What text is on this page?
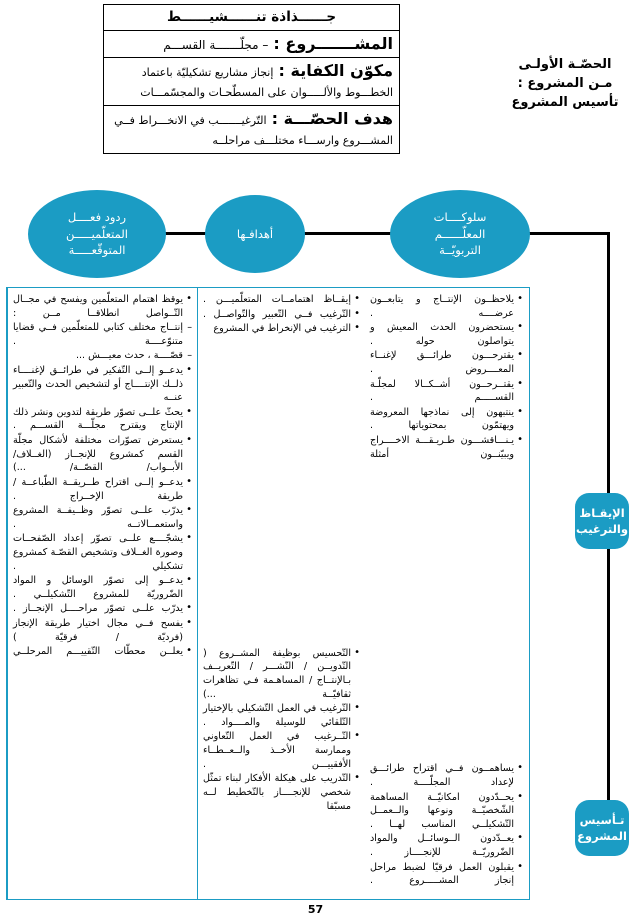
جــــــذاذة تنــــــشيــــــط
المشـــــــروع : – مجلّـــــــة القســـم
مكوّن الكفاية : إنجاز مشاريع تشكيليّة باعتماد الخطـــوط والألـــــوان على المسطّحـات والمجسّمـــات
هدف الحصّـــة : التّرغيـــــــب في الانخـــراط فــي المشـــروع وارســـاء مختلـــف مراحلــه
الحصّـة الأولـى
مـن المشروع :
تأسيس المشروع
سلوكــــات
المعلّــــــم
التربويّــة
أهدافـها
ردود فعــــل
المتعلّميـــــن
المتوقّعـــــة
الإيقـاظ
والترغيب
تـأسيس
المشروع
• يوقظ اهتمام المتعلّمين ويفسح في مجــال التّــواصل انطلاقــا مــن :
– إنتــاج مختلف كتابي للمتعلّمين فــي قضايا متنوّعــــة .
– قصّــــة ، حدث معيـــش ...
• يدعــو إلــى التّفكير في طرائــق لإغنــــاء ذلــك الإنتــــاج أو لتشخيص الحدث والتّعبير عنــه
• يحثّ علــى تصوّر طريقة لتدوين ونشر ذلك الإنتاج ويقترح مجلّـــة القســـم .
• يستعرض تصوّرات مختلفة لأشكال مجلّة القسم كمشروع للإنجــاز (الغــلاف/الأبــواب/ القصّــة/ ...)
• يدعــو إلــى اقتراح طــريقــة الطّباعــة / طريقة الإخــراج .
• يدرّب علــى تصوّر وظــيفــة المشروع واستعمــالاتــه .
• يشجّــــع علــى تصوّر إعداد الصّفحــات وصورة الغــلاف وتشخيص القصّـة كمشروع تشكيلي .
• يدعــو إلى تصوّر الوسائل و المواد الضّروريّة للمشروع التّشكيلــي .
• يدرّب علــى تصوّر مراحــــل الإنجــاز .
• يفسح فــي مجال اختيار طريقة الإنجاز (فرديّة / فرقيّة )
• يعلــن محطّات التّقييـــم المرحلــي
• إيقــاظ اهتمامــات المتعلّميـــن .
• التّرغيب فــي التّعبير والتّواصــل .
• الترغيب في الإنخراط في المشروع
• التّحسيس بوظيفة المشــروع ( التّدويــن / النّشـــر / التّعريــف بـالإنتــاج / المساهـمة فـي تظاهرات ثقافيّــة ...)
• التّرغيب في العمل التّشكيلي بالإختيار التّلقائي للوسيلة والمــــواد .
• التّــرغيب في العمل التّعاوني وممارسة الأخــذ والــعــطــاء الأفقييـــن .
• التّدريب على هيكلة الأفكار لبناء تمثّل شخصي للإنجــــاز بالتّخطيط لــه مسبّقا
• يلاحظــون الإنتــاج و يتابعــون عرضــــه .
• يستحضرون الحدث المعيش و يتواصلون حوله .
• يقترحـــون طرائـــق لإغنــاء المعــــروض .
• يقتــرحــون أشــكــالا لمجلّـة القســـــم .
• ينتبهون إلى نماذجها المعروضة ويهتمّون بمحتوياتها .
• يـنـــاقشـــون طـريـقـــة الاخــــراج ويبيّنــون أمثلة
• يساهمــون فــي اقتراح طرائـــق لإعداد المجلّــــة .
• يحــدّدون امكانيّــة المساهمة الشّخصيّــة ونوعها والــعمــل التّشكيلــي المناسب لهــا .
• يعــدّدون الــوسائــل والمواد الضّروريّــة للإنجــــاز .
• يقبلون العمل فرقيّا لضبط مراحل إنجاز المشـــــروع .
57
